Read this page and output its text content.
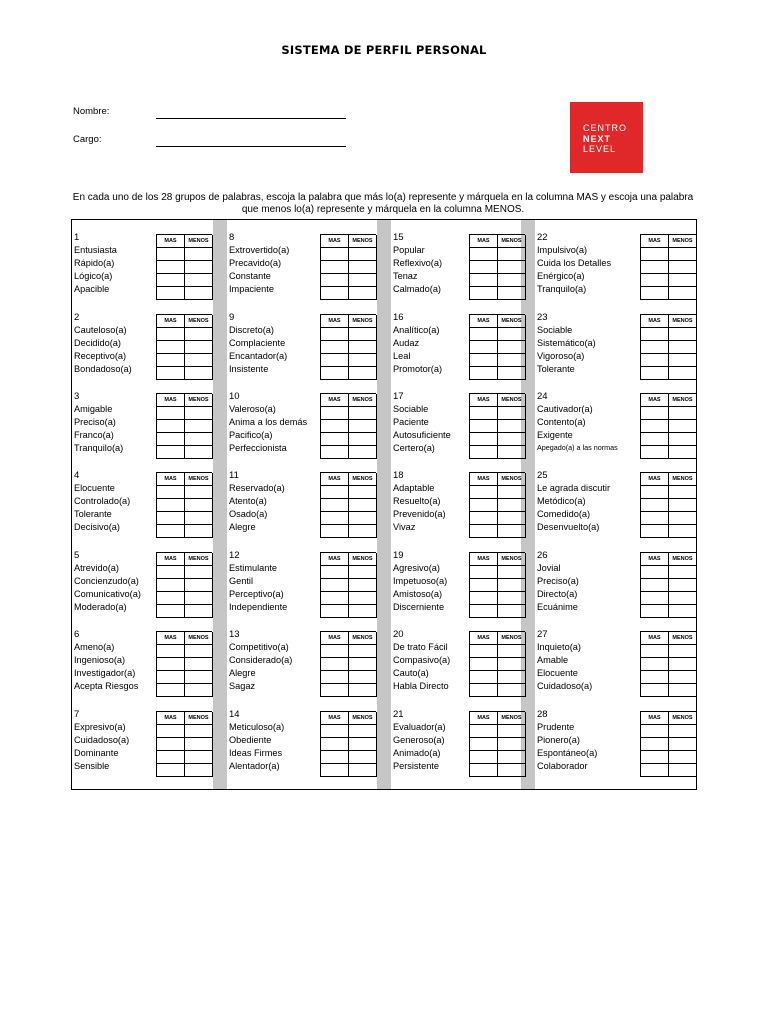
SISTEMA DE PERFIL PERSONAL
Nombre:
Cargo:
CENTRO
NEXT
LEVEL
En cada uno de los 28 grupos de palabras, escoja la palabra que más lo(a) represente y márquela en la columna MAS y escoja una palabra que menos lo(a) represente y márquela en la columna MENOS.
1
Entusiasta
Rápido(a)
Lógico(a)
Apacible
MAS	MENOS
2
Cauteloso(a)
Decidido(a)
Receptivo(a)
Bondadoso(a)
MAS	MENOS
3
Amigable
Preciso(a)
Franco(a)
Tranquilo(a)
MAS	MENOS
4
Elocuente
Controlado(a)
Tolerante
Decisivo(a)
MAS	MENOS
5
Atrevido(a)
Concienzudo(a)
Comunicativo(a)
Moderado(a)
MAS	MENOS
6
Ameno(a)
Ingenioso(a)
Investigador(a)
Acepta Riesgos
MAS	MENOS
7
Expresivo(a)
Cuidadoso(a)
Dominante
Sensible
MAS	MENOS
8
Extrovertido(a)
Precavido(a)
Constante
Impaciente
MAS	MENOS
9
Discreto(a)
Complaciente
Encantador(a)
Insistente
MAS	MENOS
10
Valeroso(a)
Anima a los demás
Pacifico(a)
Perfeccionista
MAS	MENOS
11
Reservado(a)
Atento(a)
Osado(a)
Alegre
MAS	MENOS
12
Estimulante
Gentil
Perceptivo(a)
Independiente
MAS	MENOS
13
Competitivo(a)
Considerado(a)
Alegre
Sagaz
MAS	MENOS
14
Meticuloso(a)
Obediente
Ideas Firmes
Alentador(a)
MAS	MENOS
15
Popular
Reflexivo(a)
Tenaz
Calmado(a)
MAS	MENOS
16
Analítico(a)
Audaz
Leal
Promotor(a)
MAS	MENOS
17
Sociable
Paciente
Autosuficiente
Certero(a)
MAS	MENOS
18
Adaptable
Resuelto(a)
Prevenido(a)
Vivaz
MAS	MENOS
19
Agresivo(a)
Impetuoso(a)
Amistoso(a)
Discerniente
MAS	MENOS
20
De trato Fácil
Compasivo(a)
Cauto(a)
Habla Directo
MAS	MENOS
21
Evaluador(a)
Generoso(a)
Animado(a)
Persistente
MAS	MENOS
22
Impulsivo(a)
Cuida los Detalles
Enérgico(a)
Tranquilo(a)
MAS	MENOS
23
Sociable
Sistemático(a)
Vigoroso(a)
Tolerante
MAS	MENOS
24
Cautivador(a)
Contento(a)
Exigente
Apegado(a) a las normas
MAS	MENOS
25
Le agrada discutir
Metódico(a)
Comedido(a)
Desenvuelto(a)
MAS	MENOS
26
Jovial
Preciso(a)
Directo(a)
Ecuánime
MAS	MENOS
27
Inquieto(a)
Amable
Elocuente
Cuidadoso(a)
MAS	MENOS
28
Prudente
Pionero(a)
Espontáneo(a)
Colaborador
MAS	MENOS
